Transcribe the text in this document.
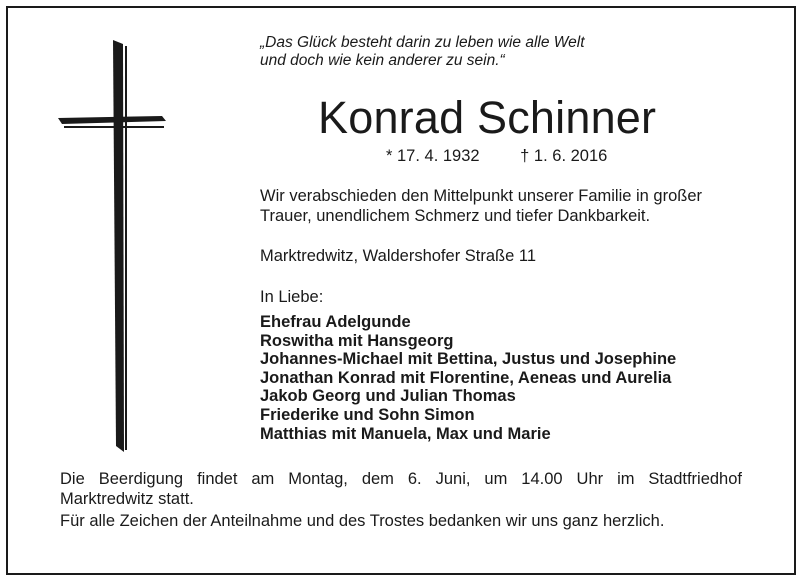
„Das Glück besteht darin zu leben wie alle Welt
und doch wie kein anderer zu sein.“

Konrad Schinner
* 17. 4. 1932 † 1. 6. 2016

Wir verabschieden den Mittelpunkt unserer Familie in großer
Trauer, unendlichem Schmerz und tiefer Dankbarkeit.

Marktredwitz, Waldershofer Straße 11
In Liebe:
Ehefrau Adelgunde
Roswitha mit Hansgeorg
Johannes-Michael mit Bettina, Justus und Josephine
Jonathan Konrad mit Florentine, Aeneas und Aurelia
Jakob Georg und Julian Thomas
Friederike und Sohn Simon
Matthias mit Manuela, Max und Marie

Die Beerdigung findet am Montag, dem 6. Juni, um 14.00 Uhr im Stadtfriedhof
Marktredwitz statt.

Für alle Zeichen der Anteilnahme und des Trostes bedanken wir uns ganz herzlich.
